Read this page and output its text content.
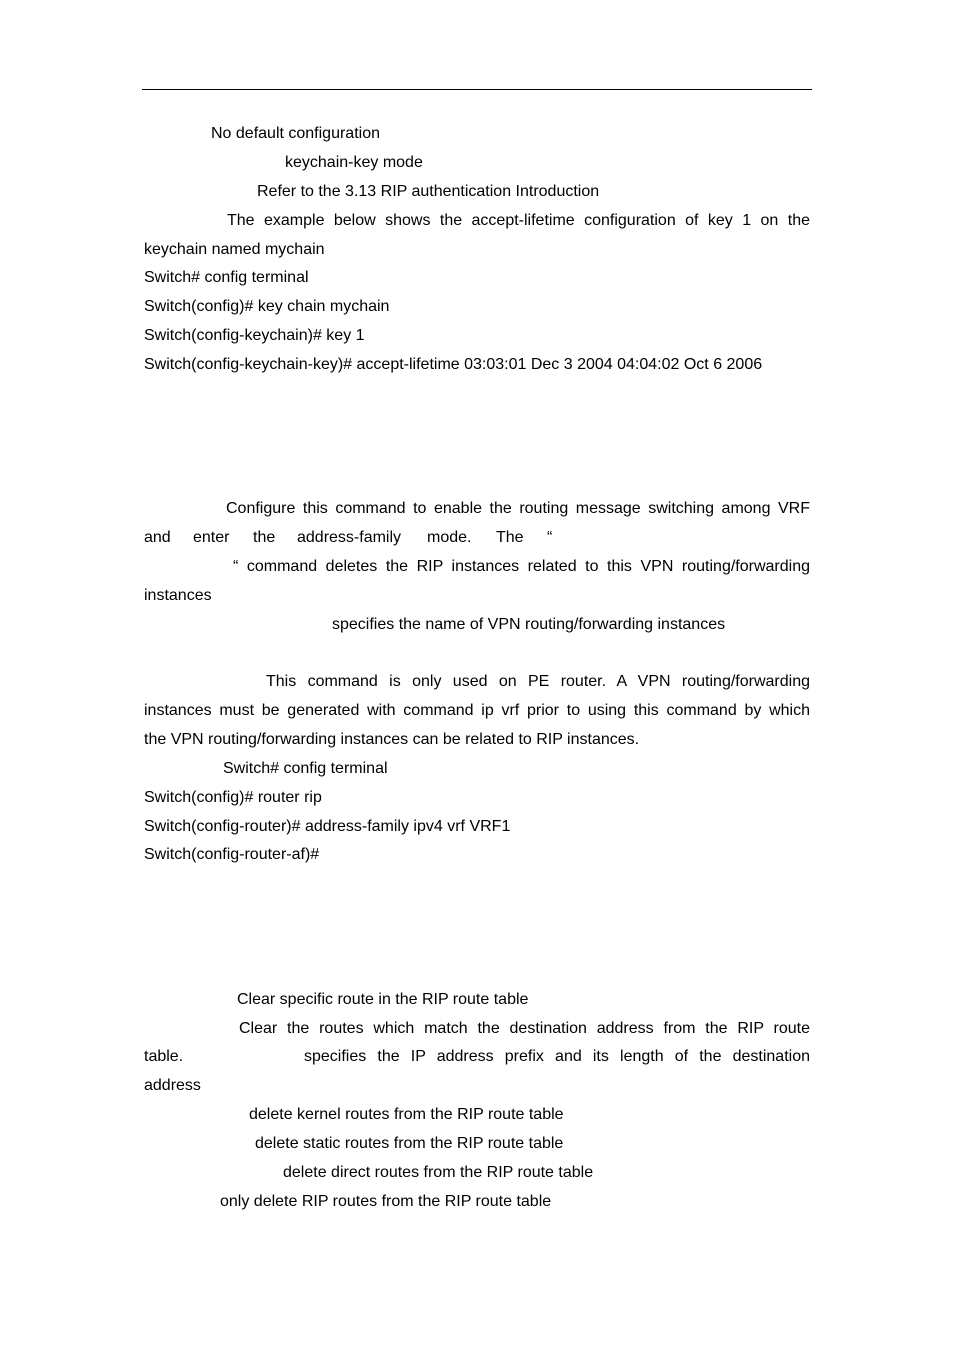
No default configuration
keychain-key mode
Refer to the 3.13 RIP authentication Introduction
The example below shows the accept-lifetime configuration of key 1 on the
keychain named mychain
Switch# config terminal
Switch(config)# key chain mychain
Switch(config-keychain)# key 1
Switch(config-keychain-key)# accept-lifetime 03:03:01 Dec 3 2004 04:04:02 Oct 6 2006
Configure this command to enable the routing message switching among VRF
and enter the address-family mode. The “
“ command deletes the RIP instances related to this VPN routing/forwarding
instances
specifies the name of VPN routing/forwarding instances
This command is only used on PE router. A VPN routing/forwarding
instances must be generated with command ip vrf prior to using this command by which
the VPN routing/forwarding instances can be related to RIP instances.
Switch# config terminal
Switch(config)# router rip
Switch(config-router)# address-family ipv4 vrf VRF1
Switch(config-router-af)#
Clear specific route in the RIP route table
Clear the routes which match the destination address from the RIP route
table.	specifies the IP address prefix and its length of the destination
address
delete kernel routes from the RIP route table
delete static routes from the RIP route table
delete direct routes from the RIP route table
only delete RIP routes from the RIP route table
